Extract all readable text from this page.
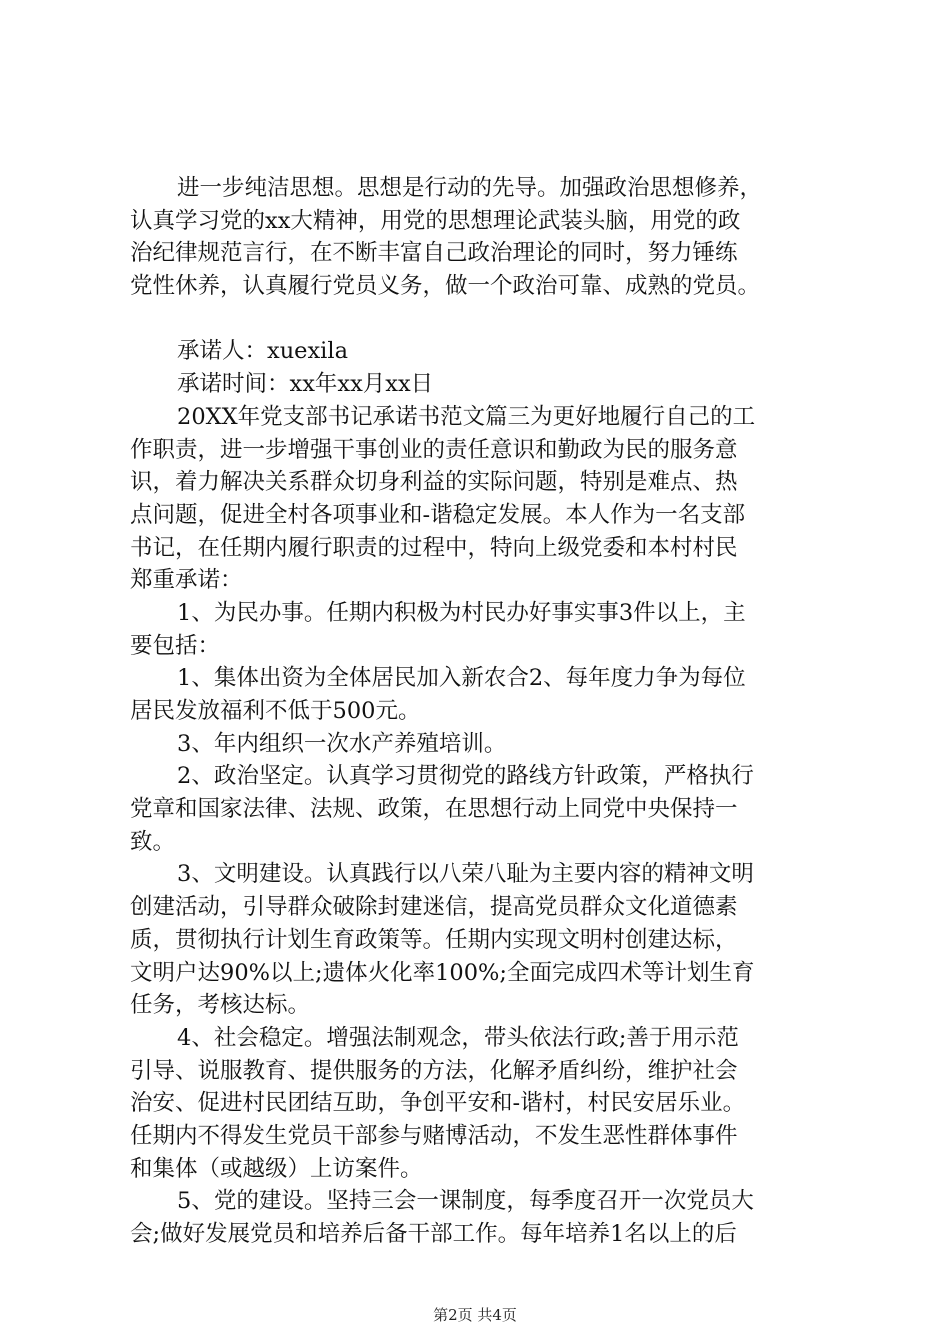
进一步纯洁思想。思想是行动的先导。加强政治思想修养，
认真学习党的xx大精神，用党的思想理论武装头脑，用党的政
治纪律规范言行，在不断丰富自己政治理论的同时，努力锤练
党性休养，认真履行党员义务，做一个政治可靠、成熟的党员。
承诺人：xuexila
承诺时间：xx年xx月xx日
20XX年党支部书记承诺书范文篇三为更好地履行自己的工
作职责，进一步增强干事创业的责任意识和勤政为民的服务意
识，着力解决关系群众切身利益的实际问题，特别是难点、热
点问题，促进全村各项事业和-谐稳定发展。本人作为一名支部
书记，在任期内履行职责的过程中，特向上级党委和本村村民
郑重承诺：
1、为民办事。任期内积极为村民办好事实事3件以上，主
要包括：
1、集体出资为全体居民加入新农合2、每年度力争为每位
居民发放福利不低于500元。
3、年内组织一次水产养殖培训。
2、政治坚定。认真学习贯彻党的路线方针政策，严格执行
党章和国家法律、法规、政策，在思想行动上同党中央保持一
致。
3、文明建设。认真践行以八荣八耻为主要内容的精神文明
创建活动，引导群众破除封建迷信，提高党员群众文化道德素
质，贯彻执行计划生育政策等。任期内实现文明村创建达标，
文明户达90%以上;遗体火化率100%;全面完成四术等计划生育
任务，考核达标。
4、社会稳定。增强法制观念，带头依法行政;善于用示范
引导、说服教育、提供服务的方法，化解矛盾纠纷，维护社会
治安、促进村民团结互助，争创平安和-谐村，村民安居乐业。
任期内不得发生党员干部参与赌博活动，不发生恶性群体事件
和集体（或越级）上访案件。
5、党的建设。坚持三会一课制度，每季度召开一次党员大
会;做好发展党员和培养后备干部工作。每年培养1名以上的后
第2页 共4页
